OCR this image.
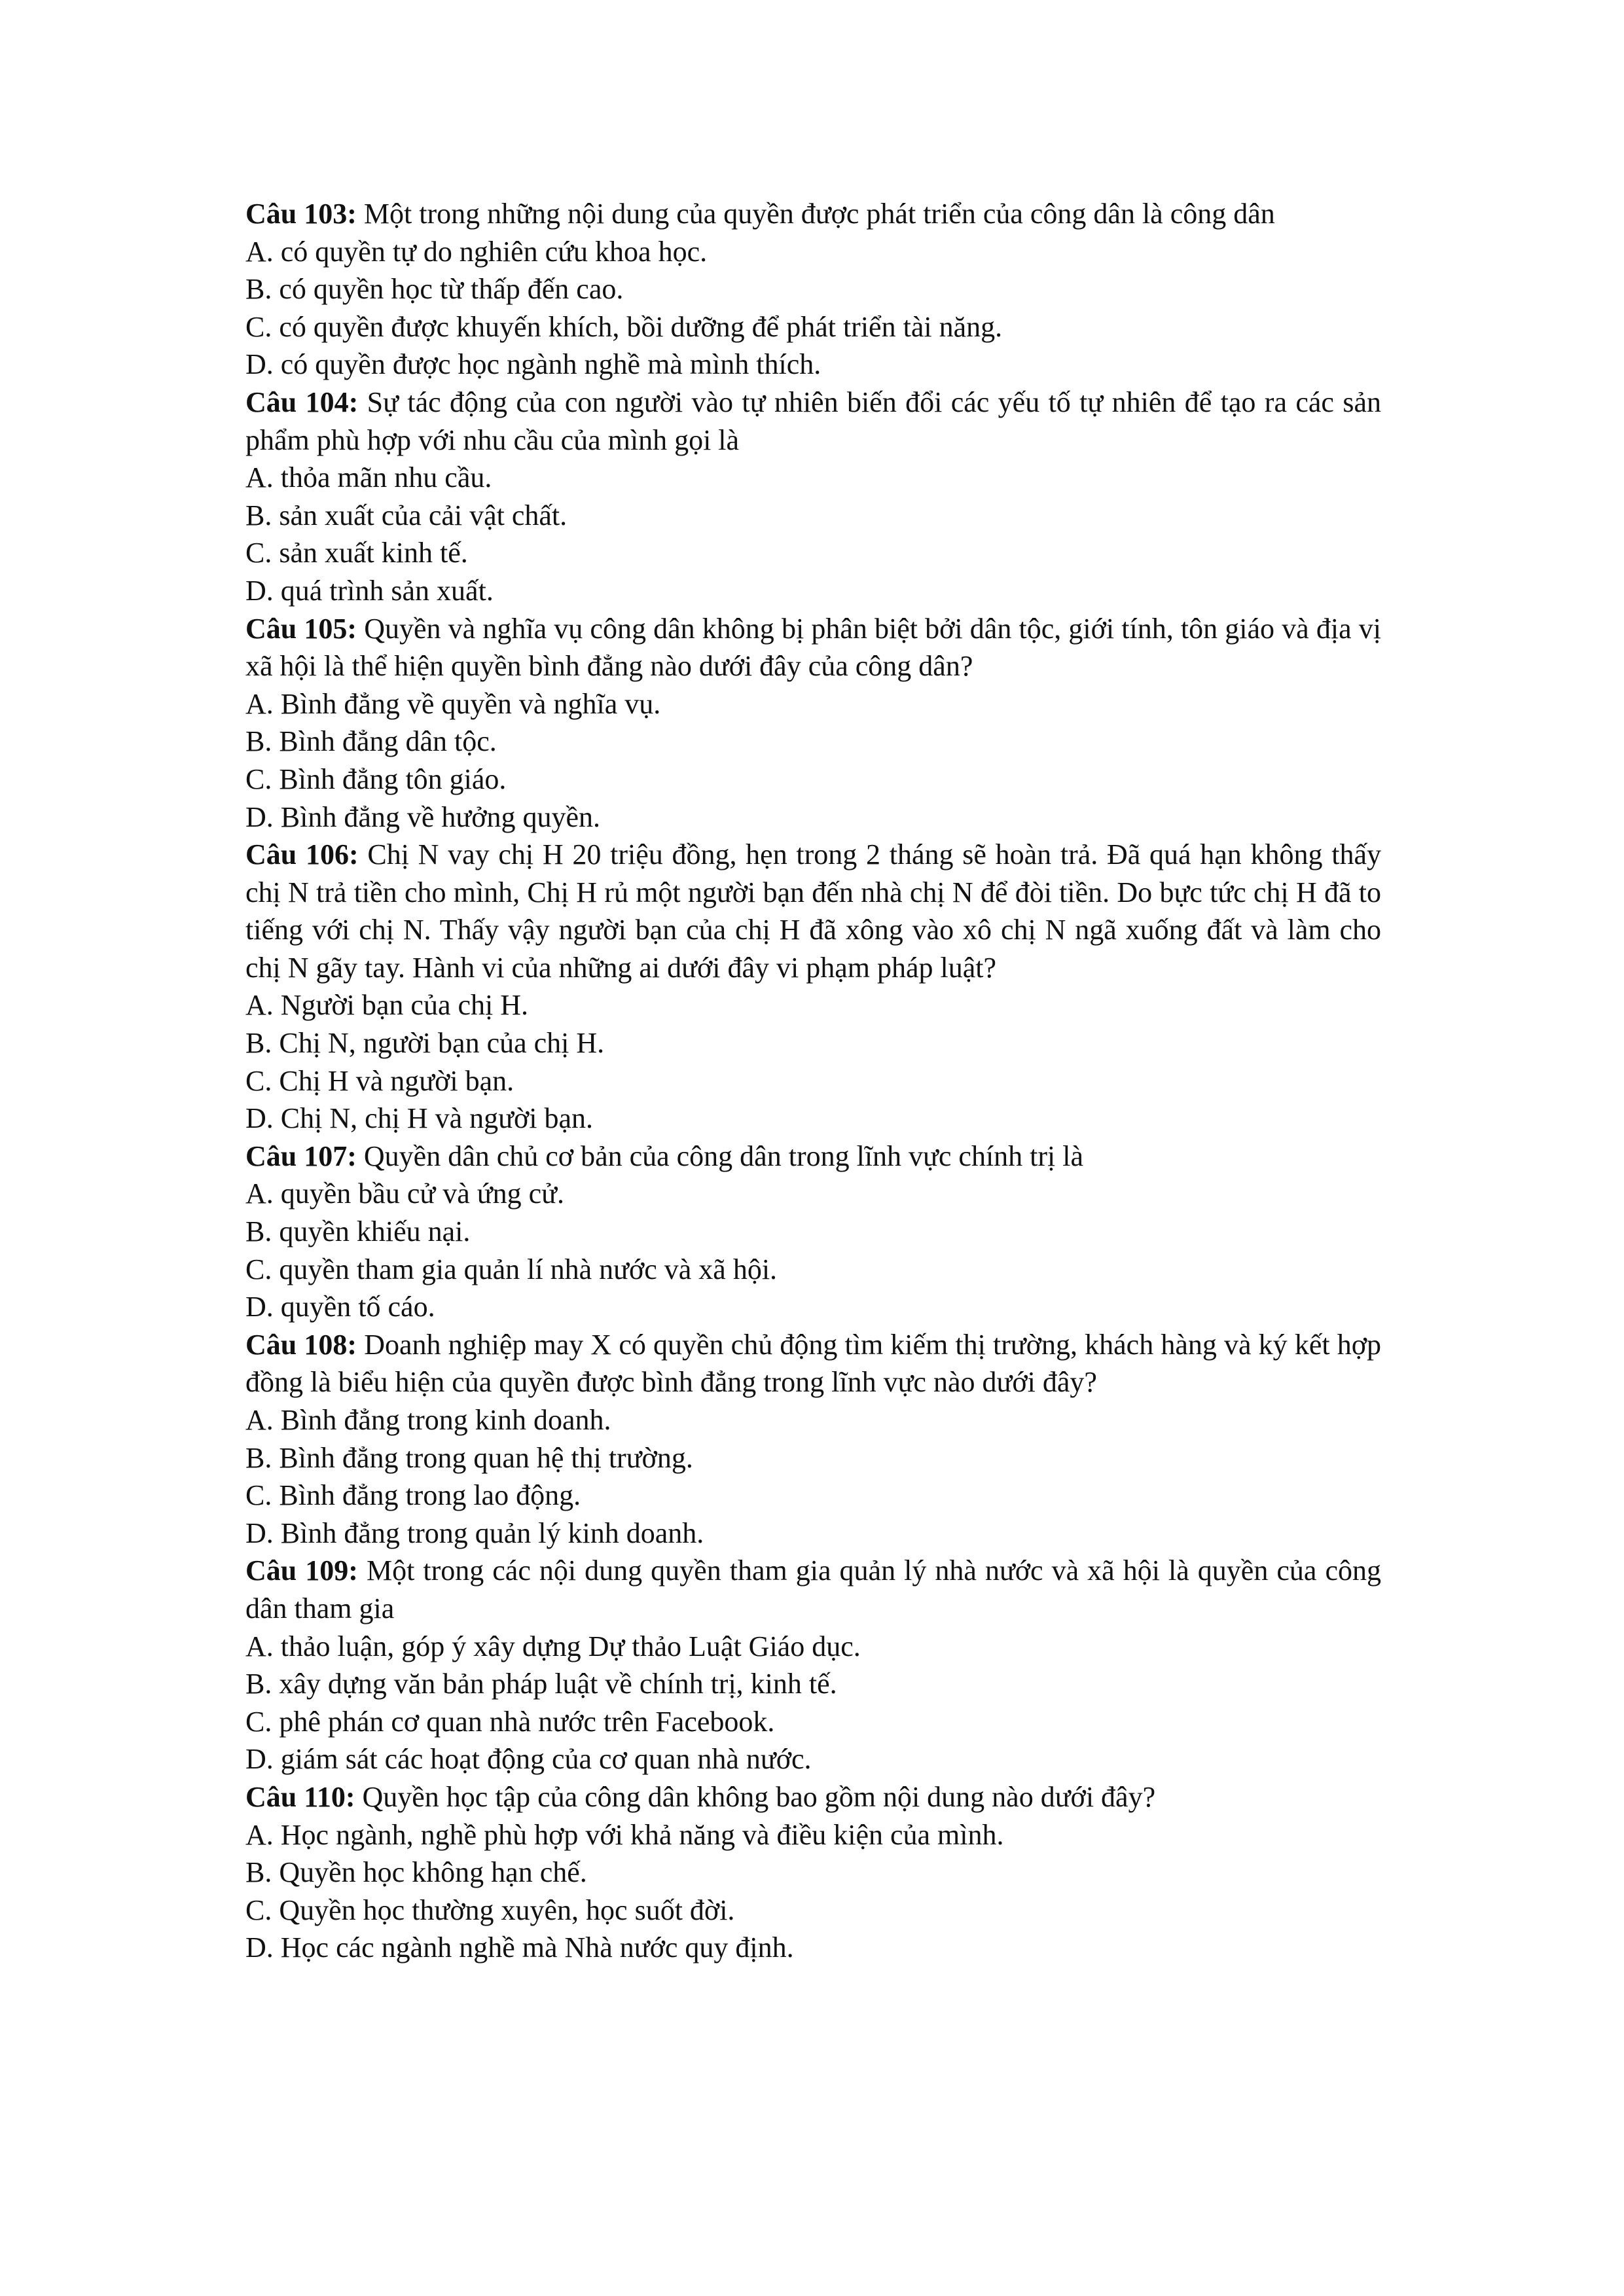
Câu 103: Một trong những nội dung của quyền được phát triển của công dân là công dân

A. có quyền tự do nghiên cứu khoa học.

B. có quyền học từ thấp đến cao.

C. có quyền được khuyến khích, bồi dưỡng để phát triển tài năng.

D. có quyền được học ngành nghề mà mình thích.

Câu 104: Sự tác động của con người vào tự nhiên biến đổi các yếu tố tự nhiên để tạo ra các sản phẩm phù hợp với nhu cầu của mình gọi là

A. thỏa mãn nhu cầu.

B. sản xuất của cải vật chất.

C. sản xuất kinh tế.

D. quá trình sản xuất.

Câu 105: Quyền và nghĩa vụ công dân không bị phân biệt bởi dân tộc, giới tính, tôn giáo và địa vị xã hội là thể hiện quyền bình đẳng nào dưới đây của công dân?

A. Bình đẳng về quyền và nghĩa vụ.

B. Bình đẳng dân tộc.

C. Bình đẳng tôn giáo.

D. Bình đẳng về hưởng quyền.

Câu 106: Chị N vay chị H 20 triệu đồng, hẹn trong 2 tháng sẽ hoàn trả. Đã quá hạn không thấy chị N trả tiền cho mình, Chị H rủ một người bạn đến nhà chị N để đòi tiền. Do bực tức chị H đã to tiếng với chị N. Thấy vậy người bạn của chị H đã xông vào xô chị N ngã xuống đất và làm cho chị N gãy tay. Hành vi của những ai dưới đây vi phạm pháp luật?

A. Người bạn của chị H.

B. Chị N, người bạn của chị H.

C. Chị H và người bạn.

D. Chị N, chị H và người bạn.

Câu 107: Quyền dân chủ cơ bản của công dân trong lĩnh vực chính trị là

A. quyền bầu cử và ứng cử.

B. quyền khiếu nại.

C. quyền tham gia quản lí nhà nước và xã hội.

D. quyền tố cáo.

Câu 108: Doanh nghiệp may X có quyền chủ động tìm kiếm thị trường, khách hàng và ký kết hợp đồng là biểu hiện của quyền được bình đẳng trong lĩnh vực nào dưới đây?

A. Bình đẳng trong kinh doanh.

B. Bình đẳng trong quan hệ thị trường.

C. Bình đẳng trong lao động.

D. Bình đẳng trong quản lý kinh doanh.

Câu 109: Một trong các nội dung quyền tham gia quản lý nhà nước và xã hội là quyền của công dân tham gia

A. thảo luận, góp ý xây dựng Dự thảo Luật Giáo dục.

B. xây dựng văn bản pháp luật về chính trị, kinh tế.

C. phê phán cơ quan nhà nước trên Facebook.

D. giám sát các hoạt động của cơ quan nhà nước.

Câu 110: Quyền học tập của công dân không bao gồm nội dung nào dưới đây?

A. Học ngành, nghề phù hợp với khả năng và điều kiện của mình.

B. Quyền học không hạn chế.

C. Quyền học thường xuyên, học suốt đời.

D. Học các ngành nghề mà Nhà nước quy định.
